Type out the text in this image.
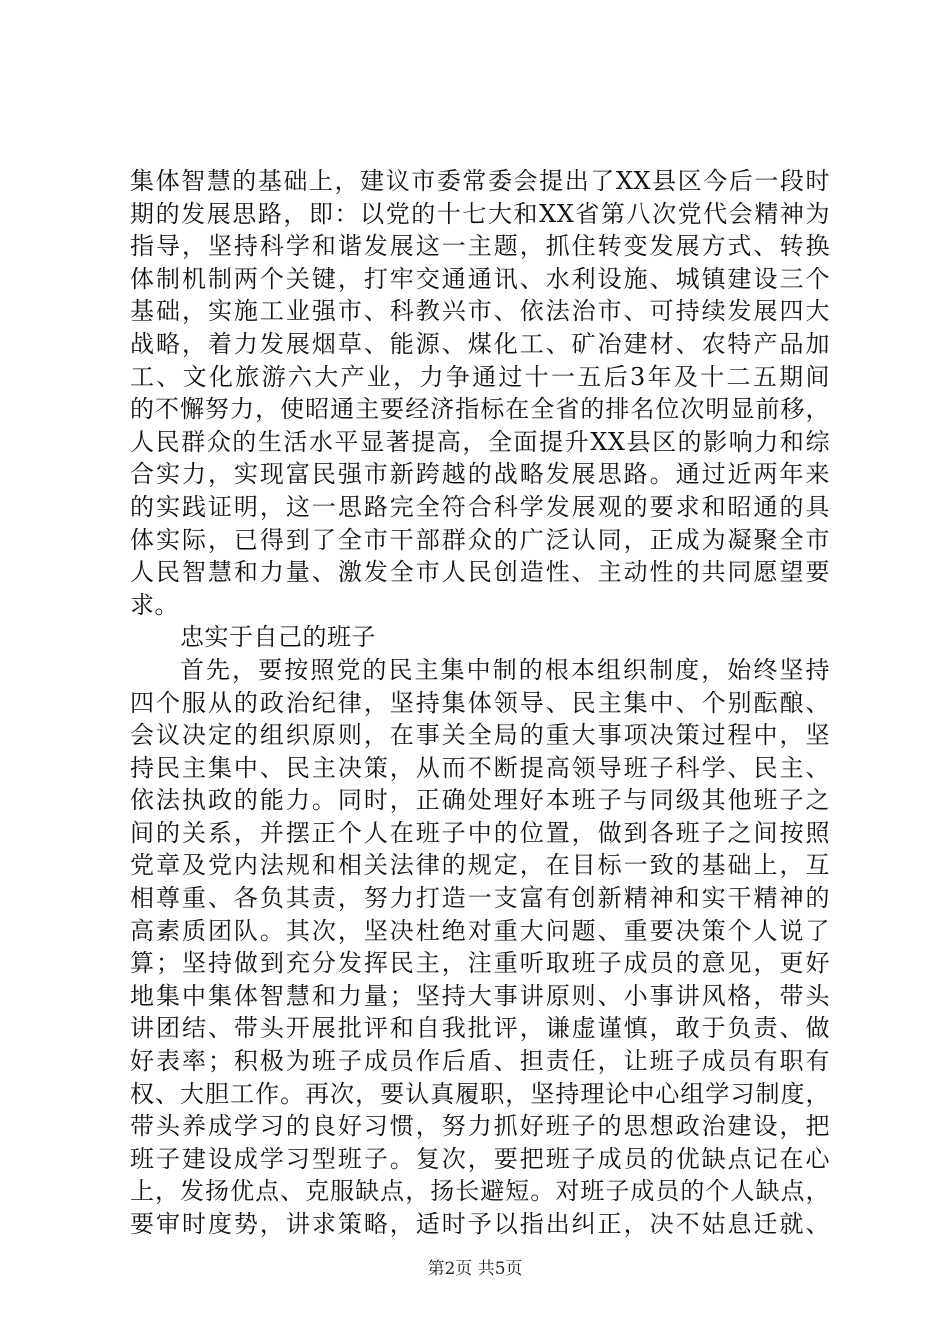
集体智慧的基础上，建议市委常委会提出了XX县区今后一段时
期的发展思路，即：以党的十七大和XX省第八次党代会精神为
指导，坚持科学和谐发展这一主题，抓住转变发展方式、转换
体制机制两个关键，打牢交通通讯、水利设施、城镇建设三个
基础，实施工业强市、科教兴市、依法治市、可持续发展四大
战略，着力发展烟草、能源、煤化工、矿冶建材、农特产品加
工、文化旅游六大产业，力争通过十一五后3年及十二五期间
的不懈努力，使昭通主要经济指标在全省的排名位次明显前移，
人民群众的生活水平显著提高，全面提升XX县区的影响力和综
合实力，实现富民强市新跨越的战略发展思路。通过近两年来
的实践证明，这一思路完全符合科学发展观的要求和昭通的具
体实际，已得到了全市干部群众的广泛认同，正成为凝聚全市
人民智慧和力量、激发全市人民创造性、主动性的共同愿望要
求。
忠实于自己的班子
首先，要按照党的民主集中制的根本组织制度，始终坚持
四个服从的政治纪律，坚持集体领导、民主集中、个别酝酿、
会议决定的组织原则，在事关全局的重大事项决策过程中，坚
持民主集中、民主决策，从而不断提高领导班子科学、民主、
依法执政的能力。同时，正确处理好本班子与同级其他班子之
间的关系，并摆正个人在班子中的位置，做到各班子之间按照
党章及党内法规和相关法律的规定，在目标一致的基础上，互
相尊重、各负其责，努力打造一支富有创新精神和实干精神的
高素质团队。其次，坚决杜绝对重大问题、重要决策个人说了
算；坚持做到充分发挥民主，注重听取班子成员的意见，更好
地集中集体智慧和力量；坚持大事讲原则、小事讲风格，带头
讲团结、带头开展批评和自我批评，谦虚谨慎，敢于负责、做
好表率；积极为班子成员作后盾、担责任，让班子成员有职有
权、大胆工作。再次，要认真履职，坚持理论中心组学习制度，
带头养成学习的良好习惯，努力抓好班子的思想政治建设，把
班子建设成学习型班子。复次，要把班子成员的优缺点记在心
上，发扬优点、克服缺点，扬长避短。对班子成员的个人缺点，
要审时度势，讲求策略，适时予以指出纠正，决不姑息迁就、
第2页 共5页
